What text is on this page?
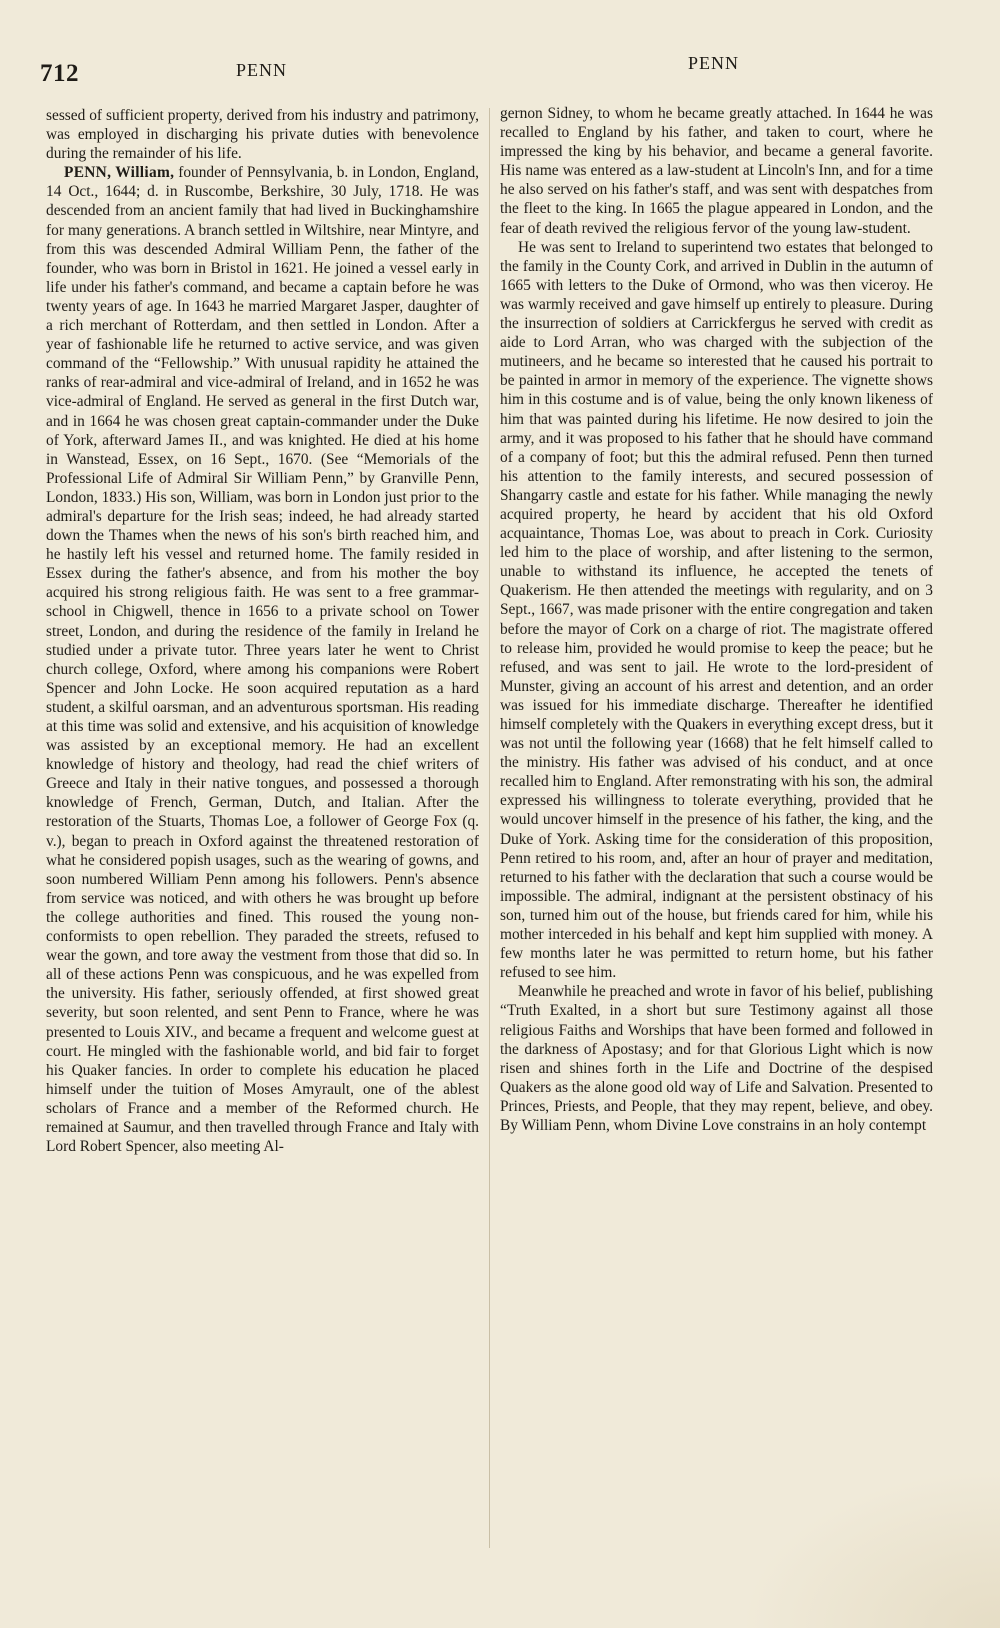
712	PENN	PENN

sessed of sufficient property, derived from his industry and patrimony, was employed in discharging his private duties with benevolence during the remainder of his life.

PENN, William, founder of Pennsylvania, b. in London, England, 14 Oct., 1644; d. in Ruscombe, Berkshire, 30 July, 1718. He was descended from an ancient family that had lived in Buckinghamshire for many generations. A branch settled in Wiltshire, near Mintyre, and from this was descended Admiral William Penn, the father of the founder, who was born in Bristol in 1621. He joined a vessel early in life under his father's command, and became a captain before he was twenty years of age. In 1643 he married Margaret Jasper, daughter of a rich merchant of Rotterdam, and then settled in London. After a year of fashionable life he returned to active service, and was given command of the “Fellowship.” With unusual rapidity he attained the ranks of rear-admiral and vice-admiral of Ireland, and in 1652 he was vice-admiral of England. He served as general in the first Dutch war, and in 1664 he was chosen great captain-commander under the Duke of York, afterward James II., and was knighted. He died at his home in Wanstead, Essex, on 16 Sept., 1670. (See “Memorials of the Professional Life of Admiral Sir William Penn,” by Granville Penn, London, 1833.) His son, William, was born in London just prior to the admiral's departure for the Irish seas; indeed, he had already started down the Thames when the news of his son's birth reached him, and he hastily left his vessel and returned home. The family resided in Essex during the father's absence, and from his mother the boy acquired his strong religious faith. He was sent to a free grammar-school in Chigwell, thence in 1656 to a private school on Tower street, London, and during the residence of the family in Ireland he studied under a private tutor. Three years later he went to Christ church college, Oxford, where among his companions were Robert Spencer and John Locke. He soon acquired reputation as a hard student, a skilful oarsman, and an adventurous sportsman. His reading at this time was solid and extensive, and his acquisition of knowledge was assisted by an exceptional memory. He had an excellent knowledge of history and theology, had read the chief writers of Greece and Italy in their native tongues, and possessed a thorough knowledge of French, German, Dutch, and Italian. After the restoration of the Stuarts, Thomas Loe, a follower of George Fox (q. v.), began to preach in Oxford against the threatened restoration of what he considered popish usages, such as the wearing of gowns, and soon numbered William Penn among his followers. Penn's absence from service was noticed, and with others he was brought up before the college authorities and fined. This roused the young non-conformists to open rebellion. They paraded the streets, refused to wear the gown, and tore away the vestment from those that did so. In all of these actions Penn was conspicuous, and he was expelled from the university. His father, seriously offended, at first showed great severity, but soon relented, and sent Penn to France, where he was presented to Louis XIV., and became a frequent and welcome guest at court. He mingled with the fashionable world, and bid fair to forget his Quaker fancies. In order to complete his education he placed himself under the tuition of Moses Amyrault, one of the ablest scholars of France and a member of the Reformed church. He remained at Saumur, and then travelled through France and Italy with Lord Robert Spencer, also meeting Al-

gernon Sidney, to whom he became greatly attached. In 1644 he was recalled to England by his father, and taken to court, where he impressed the king by his behavior, and became a general favorite. His name was entered as a law-student at Lincoln's Inn, and for a time he also served on his father's staff, and was sent with despatches from the fleet to the king. In 1665 the plague appeared in London, and the fear of death revived the religious fervor of the young law-student.

He was sent to Ireland to superintend two estates that belonged to the family in the County Cork, and arrived in Dublin in the autumn of 1665 with letters to the Duke of Ormond, who was then viceroy. He was warmly received and gave himself up entirely to pleasure. During the insurrection of soldiers at Carrickfergus he served with credit as aide to Lord Arran, who was charged with the subjection of the mutineers, and he became so interested that he caused his portrait to be painted in armor in memory of the experience. The vignette shows him in this costume and is of value, being the only known likeness of him that was painted during his lifetime. He now desired to join the army, and it was proposed to his father that he should have command of a company of foot; but this the admiral refused. Penn then turned his attention to the family interests, and secured possession of Shangarry castle and estate for his father. While managing the newly acquired property, he heard by accident that his old Oxford acquaintance, Thomas Loe, was about to preach in Cork. Curiosity led him to the place of worship, and after listening to the sermon, unable to withstand its influence, he accepted the tenets of Quakerism. He then attended the meetings with regularity, and on 3 Sept., 1667, was made prisoner with the entire congregation and taken before the mayor of Cork on a charge of riot. The magistrate offered to release him, provided he would promise to keep the peace; but he refused, and was sent to jail. He wrote to the lord-president of Munster, giving an account of his arrest and detention, and an order was issued for his immediate discharge. Thereafter he identified himself completely with the Quakers in everything except dress, but it was not until the following year (1668) that he felt himself called to the ministry. His father was advised of his conduct, and at once recalled him to England. After remonstrating with his son, the admiral expressed his willingness to tolerate everything, provided that he would uncover himself in the presence of his father, the king, and the Duke of York. Asking time for the consideration of this proposition, Penn retired to his room, and, after an hour of prayer and meditation, returned to his father with the declaration that such a course would be impossible. The admiral, indignant at the persistent obstinacy of his son, turned him out of the house, but friends cared for him, while his mother interceded in his behalf and kept him supplied with money. A few months later he was permitted to return home, but his father refused to see him.

Meanwhile he preached and wrote in favor of his belief, publishing “Truth Exalted, in a short but sure Testimony against all those religious Faiths and Worships that have been formed and followed in the darkness of Apostasy; and for that Glorious Light which is now risen and shines forth in the Life and Doctrine of the despised Quakers as the alone good old way of Life and Salvation. Presented to Princes, Priests, and People, that they may repent, believe, and obey. By William Penn, whom Divine Love constrains in an holy contempt
